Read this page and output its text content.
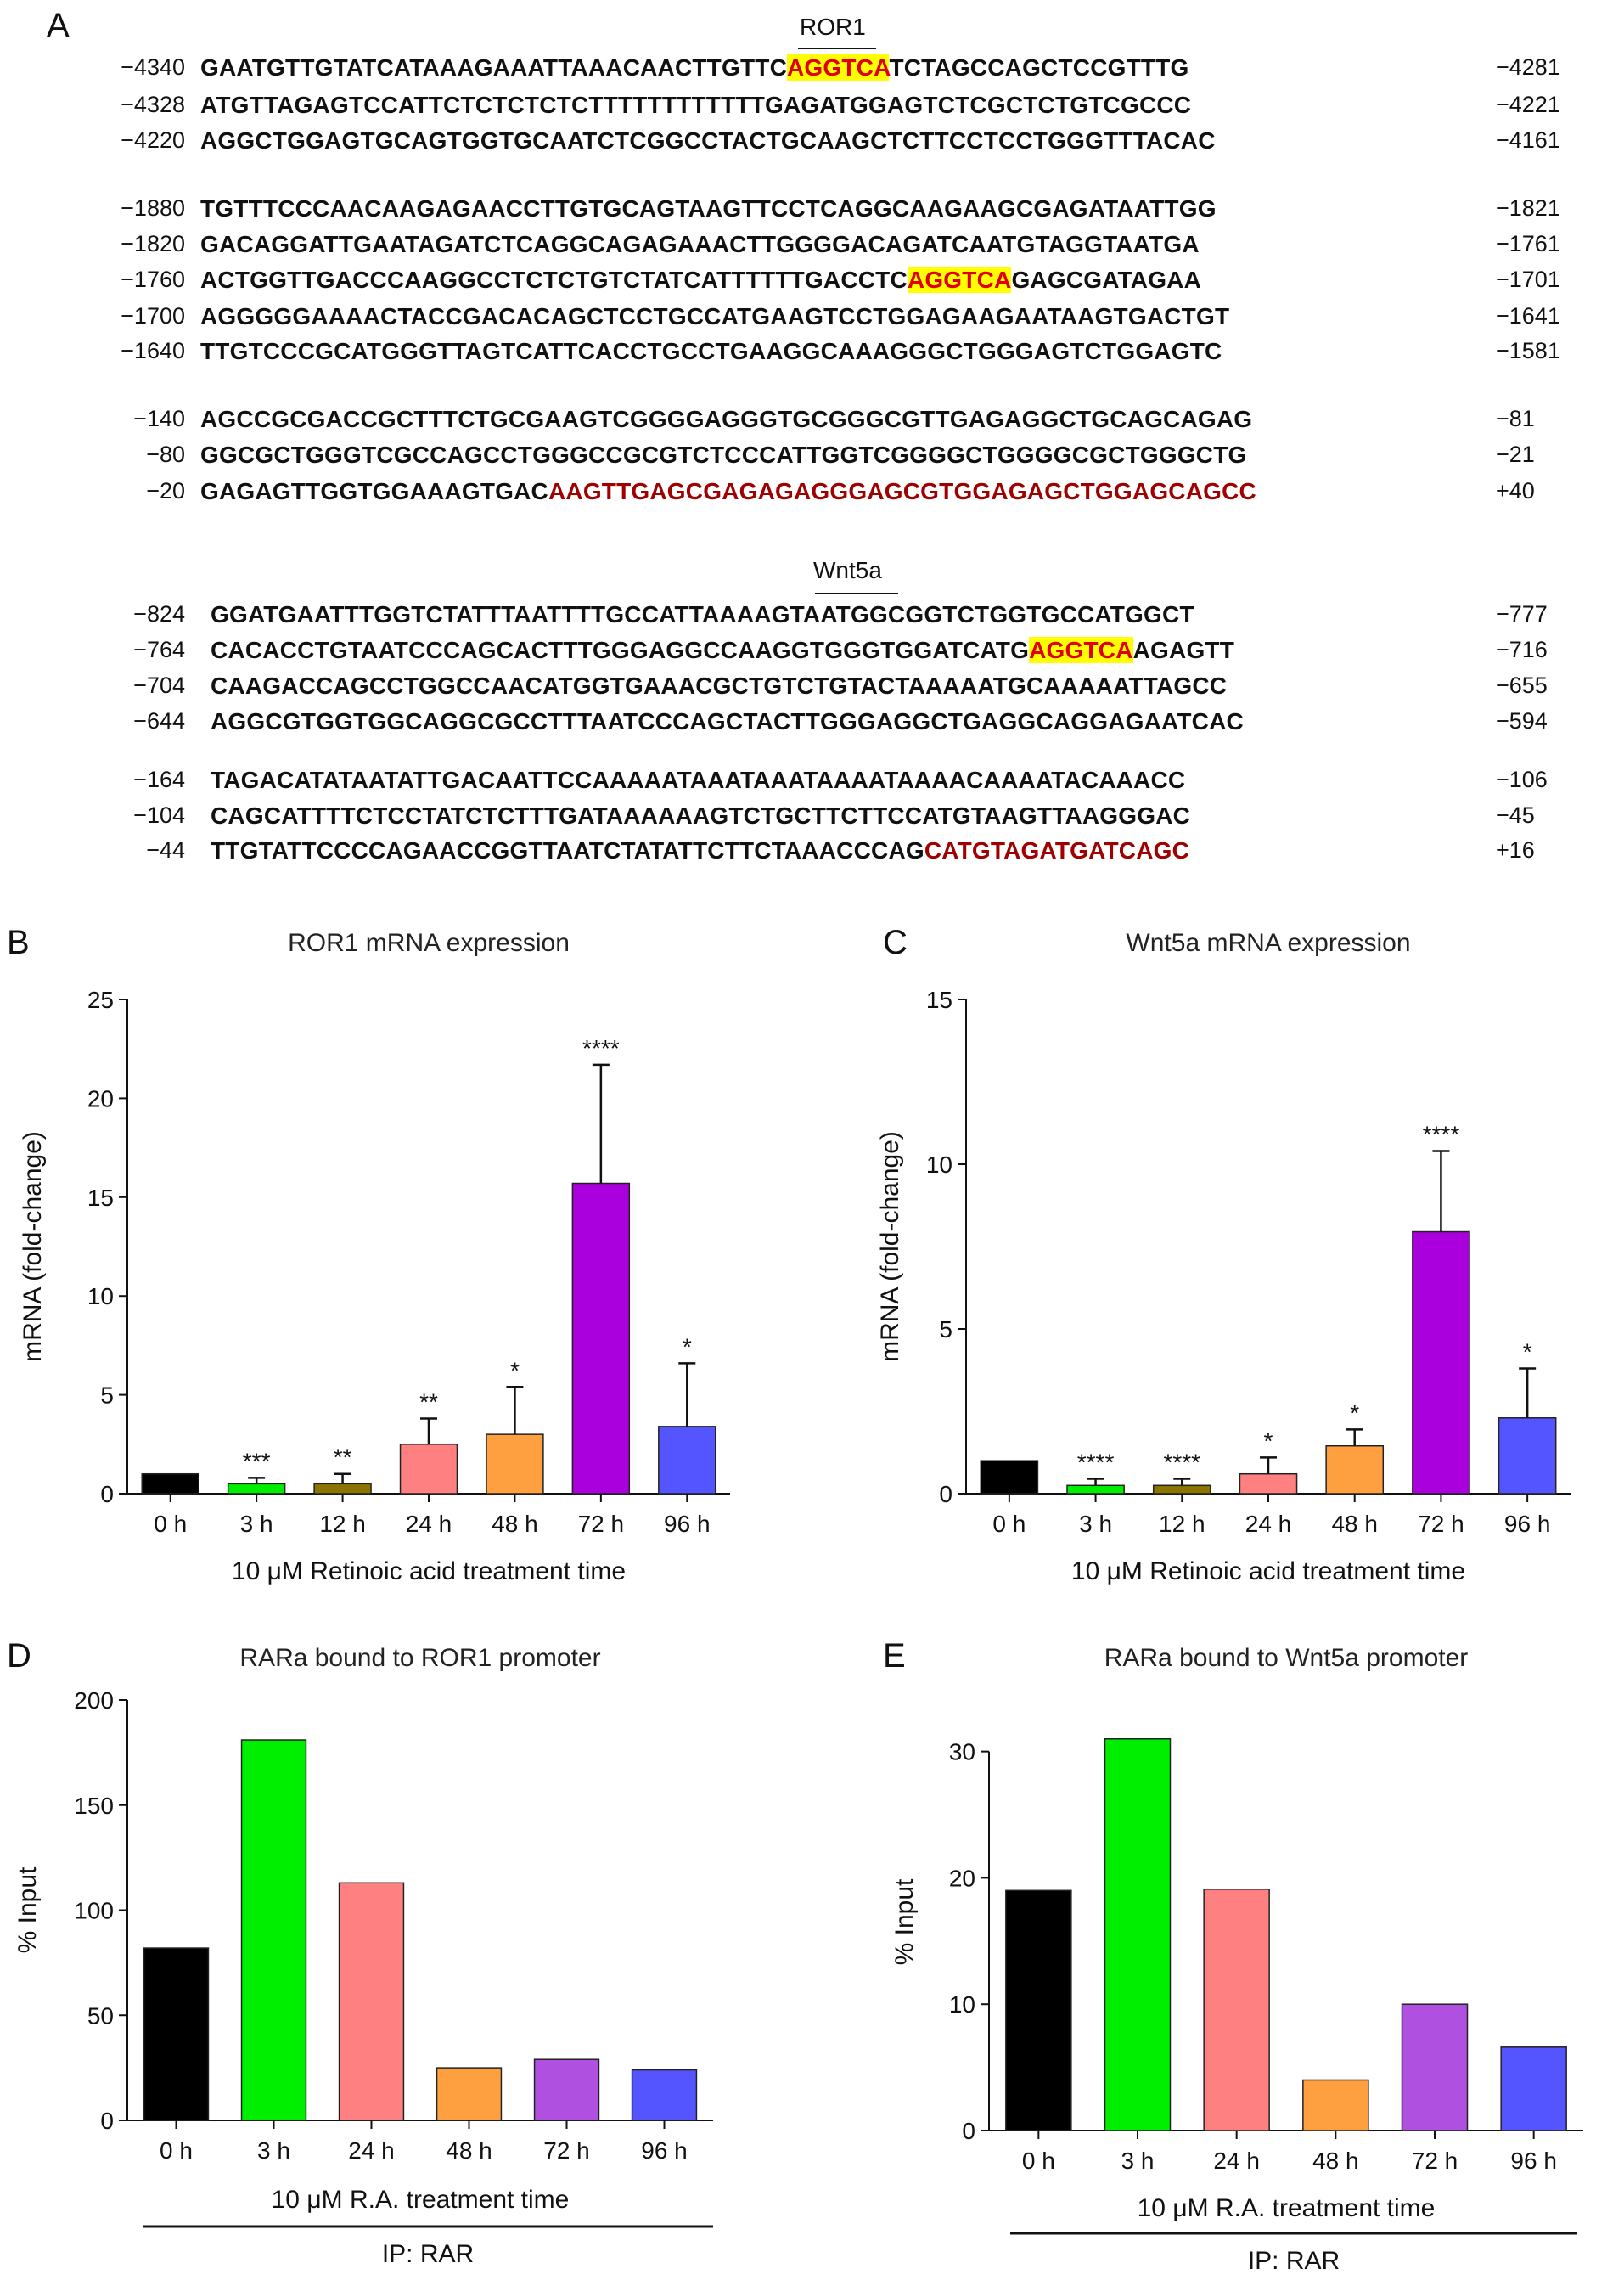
A
B	C
D	E
ROR1
Wnt5a
−4340 GAATGTTGTATCATAAAGAAATTAAACAACTTGTTCAGGTCATCTAGCCAGCTCCGTTTG	−4281
−4328 ATGTTAGAGTCCATTCTCTCTCTCTTTTTTTTTTTTGAGATGGAGTCTCGCTCTGTCGCCC	−4221
−4220 AGGCTGGAGTGCAGTGGTGCAATCTCGGCCTACTGCAAGCTCTTCCTCCTGGGTTTACAC	−4161
−1880 TGTTTCCCAACAAGAGAACCTTGTGCAGTAAGTTCCTCAGGCAAGAAGCGAGATAATTGG	−1821
−1820 GACAGGATTGAATAGATCTCAGGCAGAGAAACTTGGGGACAGATCAATGTAGGTAATGA	−1761
−1760 ACTGGTTGACCCAAGGCCTCTCTGTCTATCATTTTTTGACCTCAGGTCAGAGCGATAGAA	−1701
−1700 AGGGGGAAAACTACCGACACAGCTCCTGCCATGAAGTCCTGGAGAAGAATAAGTGACTGT	−1641
−1640 TTGTCCCGCATGGGTTAGTCATTCACCTGCCTGAAGGCAAAGGGCTGGGAGTCTGGAGTC	−1581
−140 AGCCGCGACCGCTTTCTGCGAAGTCGGGGAGGGTGCGGGCGTTGAGAGGCTGCAGCAGAG	−81
−80 GGCGCTGGGTCGCCAGCCTGGGCCGCGTCTCCCATTGGTCGGGGCTGGGGCGCTGGGCTG	−21
−20 GAGAGTTGGTGGAAAGTGACAAGTTGAGCGAGAGAGGGAGCGTGGAGAGCTGGAGCAGCC	+40
−824 GGATGAATTTGGTCTATTTAATTTTGCCATTAAAAGTAATGGCGGTCTGGTGCCATGGCT	−777
−764 CACACCTGTAATCCCAGCACTTTGGGAGGCCAAGGTGGGTGGATCATGAGGTCAAGAGTT	−716
−704 CAAGACCAGCCTGGCCAACATGGTGAAACGCTGTCTGTACTAAAAATGCAAAAATTAGCC	−655
−644 AGGCGTGGTGGCAGGCGCCTTTAATCCCAGCTACTTGGGAGGCTGAGGCAGGAGAATCAC	−594
−164 TAGACATATAATATTGACAATTCCAAAAATAAATAAATAAAATAAAACAAAATACAAACC	−106
−104 CAGCATTTTCTCCTATCTCTTTGATAAAAAAGTCTGCTTCTTCCATGTAAGTTAAGGGAC	−45
−44 TTGTATTCCCCAGAACCGGTTAATCTATATTCTTCTAAACCCAGCATGTAGATGATCAGC	+16
ROR1 mRNA expression
0
5
10
15
20
25
mRNA (fold-change)
0 h
***
3 h
**
12 h
**
24 h
*
48 h
****
72 h
*
96 h
10 μM Retinoic acid treatment time
Wnt5a mRNA expression
0
5
10
15
mRNA (fold-change)
0 h
****
3 h
****
12 h
*
24 h
*
48 h
****
72 h
*
96 h
10 μM Retinoic acid treatment time
RARa bound to ROR1 promoter
0
50
100
150
200
% Input
0 h	3 h 24 h 48 h 72 h 96 h
10 μM R.A. treatment time
IP: RAR
RARa bound to Wnt5a promoter
0
10
20
30
% Input
0 h	3 h 24 h 48 h 72 h 96 h
10 μM R.A. treatment time
IP: RAR
